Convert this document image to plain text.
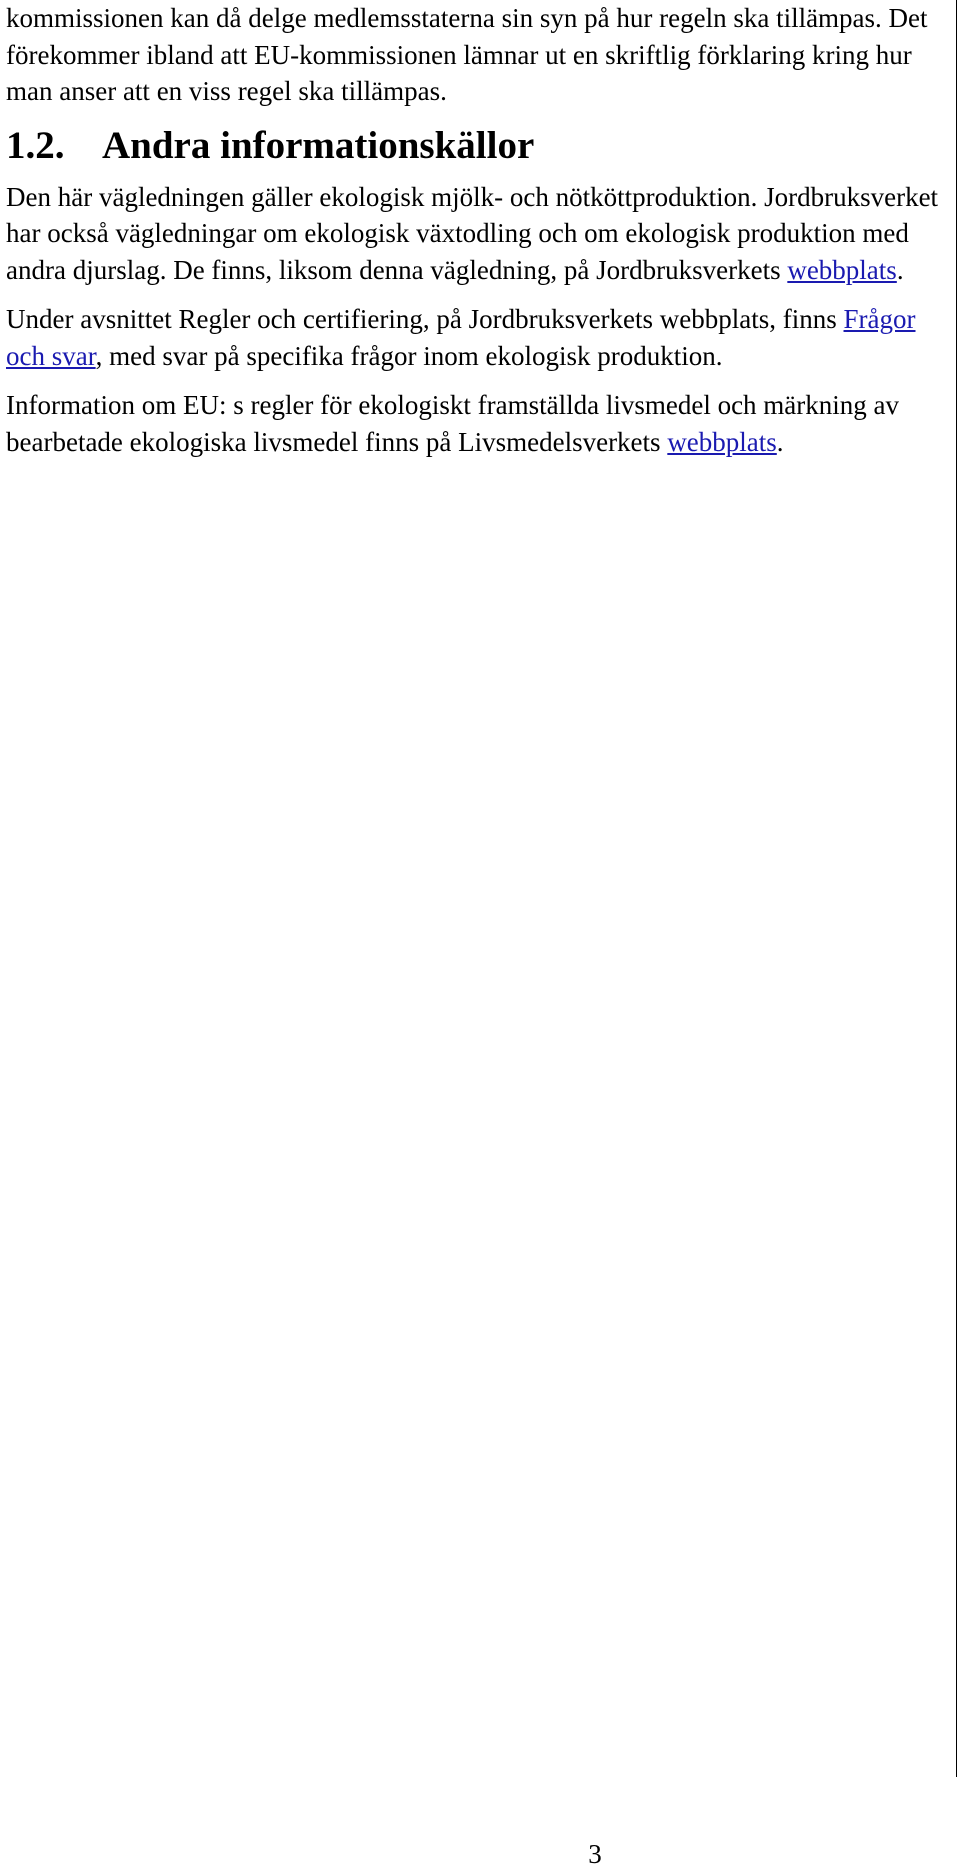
kommissionen kan då delge medlemsstaterna sin syn på hur regeln ska tillämpas. Det förekommer ibland att EU-kommissionen lämnar ut en skriftlig förklaring kring hur man anser att en viss regel ska tillämpas.

1.2. Andra informationskällor

Den här vägledningen gäller ekologisk mjölk- och nötköttproduktion. Jordbruksverket har också vägledningar om ekologisk växtodling och om ekologisk produktion med andra djurslag. De finns, liksom denna vägledning, på Jordbruksverkets webbplats.

Under avsnittet Regler och certifiering, på Jordbruksverkets webbplats, finns Frågor och svar, med svar på specifika frågor inom ekologisk produktion.

Information om EU: s regler för ekologiskt framställda livsmedel och märkning av bearbetade ekologiska livsmedel finns på Livsmedelsverkets webbplats.

3
